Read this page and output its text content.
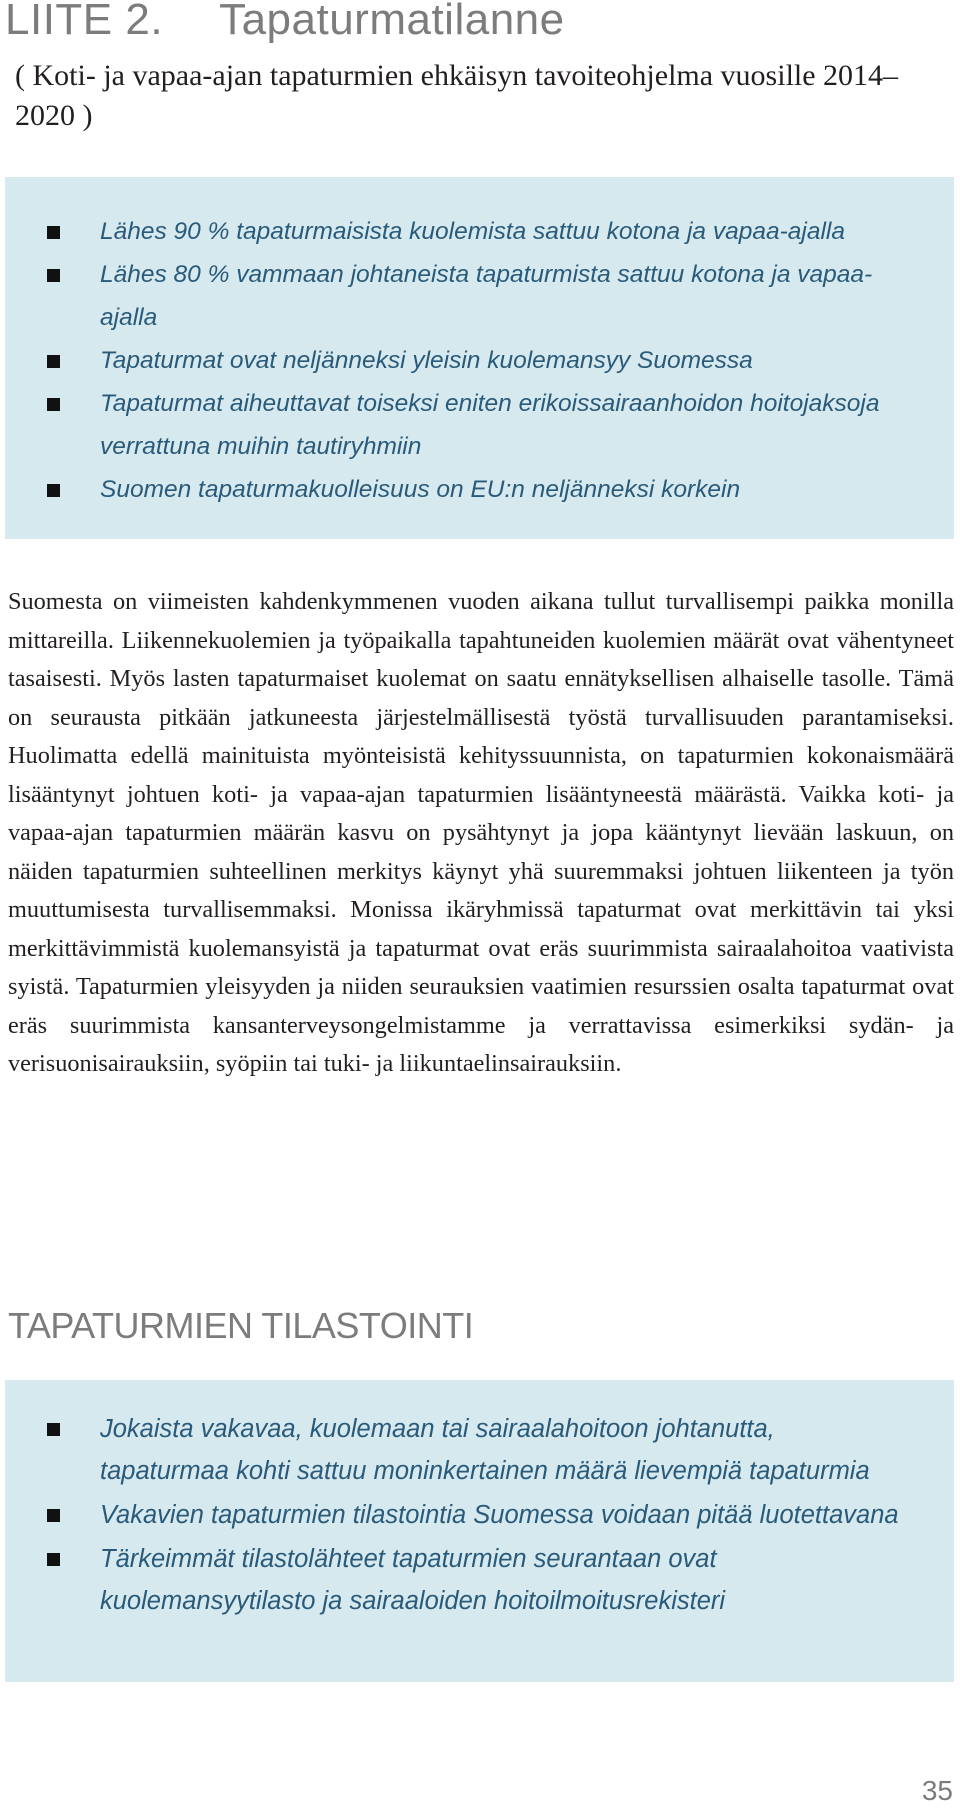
LIITE 2. Tapaturmatilanne

( Koti- ja vapaa-ajan tapaturmien ehkäisyn tavoiteohjelma vuosille 2014–2020 )

Lähes 90 % tapaturmaisista kuolemista sattuu kotona ja vapaa-ajalla
Lähes 80 % vammaan johtaneista tapaturmista sattuu kotona ja vapaa-ajalla
Tapaturmat ovat neljänneksi yleisin kuolemansyy Suomessa
Tapaturmat aiheuttavat toiseksi eniten erikoissairaanhoidon hoitojaksoja verrattuna muihin tautiryhmiin
Suomen tapaturmakuolleisuus on EU:n neljänneksi korkein

Suomesta on viimeisten kahdenkymmenen vuoden aikana tullut turvallisempi paikka monilla mittareilla. Liikennekuolemien ja työpaikalla tapahtuneiden kuolemien määrät ovat vähentyneet tasaisesti. Myös lasten tapaturmaiset kuolemat on saatu ennätyksellisen alhaiselle tasolle. Tämä on seurausta pitkään jatkuneesta järjestelmällisestä työstä turvallisuuden parantamiseksi. Huolimatta edellä mainituista myönteisistä kehityssuunnista, on tapaturmien kokonaismäärä lisääntynyt johtuen koti- ja vapaa-ajan tapaturmien lisääntyneestä määrästä. Vaikka koti- ja vapaa-ajan tapaturmien määrän kasvu on pysähtynyt ja jopa kääntynyt lievään laskuun, on näiden tapaturmien suhteellinen merkitys käynyt yhä suuremmaksi johtuen liikenteen ja työn muuttumisesta turvallisemmaksi. Monissa ikäryhmissä tapaturmat ovat merkittävin tai yksi merkittävimmistä kuolemansyistä ja tapaturmat ovat eräs suurimmista sairaalahoitoa vaativista syistä. Tapaturmien yleisyyden ja niiden seurauksien vaatimien resurssien osalta tapaturmat ovat eräs suurimmista kansanterveysongelmistamme ja verrattavissa esimerkiksi sydän- ja verisuonisairauksiin, syöpiin tai tuki- ja liikuntaelinsairauksiin.

TAPATURMIEN TILASTOINTI
Jokaista vakavaa, kuolemaan tai sairaalahoitoon johtanutta, tapaturmaa kohti sattuu moninkertainen määrä lievempiä tapaturmia
Vakavien tapaturmien tilastointia Suomessa voidaan pitää luotettavana
Tärkeimmät tilastolähteet tapaturmien seurantaan ovat kuolemansyytilasto ja sairaaloiden hoitoilmoitusrekisteri

35
